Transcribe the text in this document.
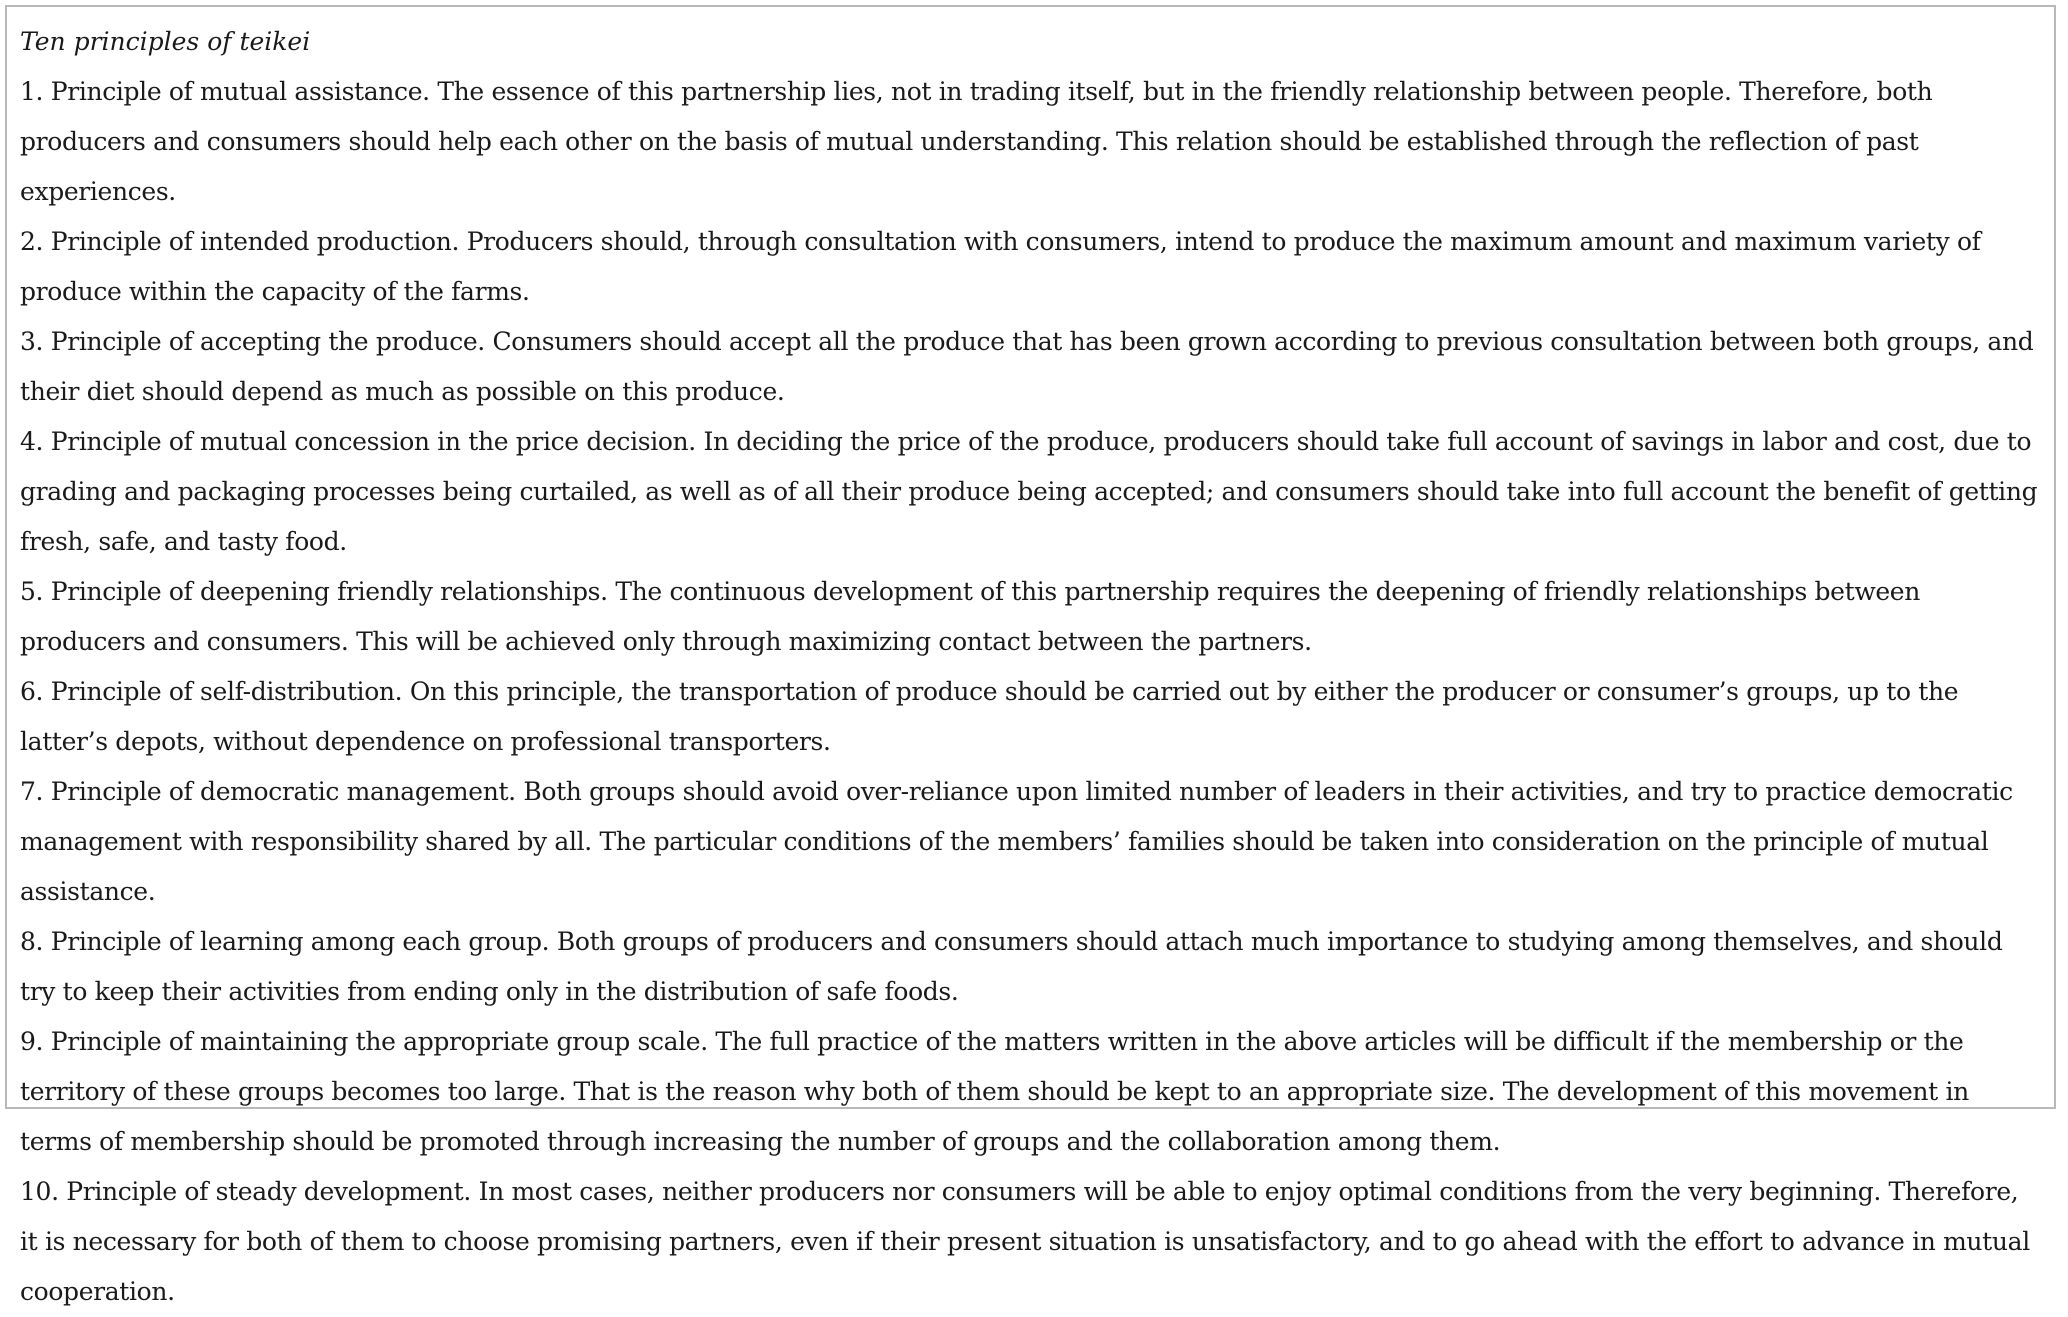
Ten principles of teikei
1. Principle of mutual assistance. The essence of this partnership lies, not in trading itself, but in the friendly relationship between people. Therefore, both producers and consumers should help each other on the basis of mutual understanding. This relation should be established through the reflection of past experiences.
2. Principle of intended production. Producers should, through consultation with consumers, intend to produce the maximum amount and maximum variety of produce within the capacity of the farms.
3. Principle of accepting the produce. Consumers should accept all the produce that has been grown according to previous consultation between both groups, and their diet should depend as much as possible on this produce.
4. Principle of mutual concession in the price decision. In deciding the price of the produce, producers should take full account of savings in labor and cost, due to grading and packaging processes being curtailed, as well as of all their produce being accepted; and consumers should take into full account the benefit of getting fresh, safe, and tasty food.
5. Principle of deepening friendly relationships. The continuous development of this partnership requires the deepening of friendly relationships between producers and consumers. This will be achieved only through maximizing contact between the partners.
6. Principle of self-distribution. On this principle, the transportation of produce should be carried out by either the producer or consumer’s groups, up to the latter’s depots, without dependence on professional transporters.
7. Principle of democratic management. Both groups should avoid over-reliance upon limited number of leaders in their activities, and try to practice democratic management with responsibility shared by all. The particular conditions of the members’ families should be taken into consideration on the principle of mutual assistance.
8. Principle of learning among each group. Both groups of producers and consumers should attach much importance to studying among themselves, and should try to keep their activities from ending only in the distribution of safe foods.
9. Principle of maintaining the appropriate group scale. The full practice of the matters written in the above articles will be difficult if the membership or the territory of these groups becomes too large. That is the reason why both of them should be kept to an appropriate size. The development of this movement in terms of membership should be promoted through increasing the number of groups and the collaboration among them.
10. Principle of steady development. In most cases, neither producers nor consumers will be able to enjoy optimal conditions from the very beginning. Therefore, it is necessary for both of them to choose promising partners, even if their present situation is unsatisfactory, and to go ahead with the effort to advance in mutual cooperation.
